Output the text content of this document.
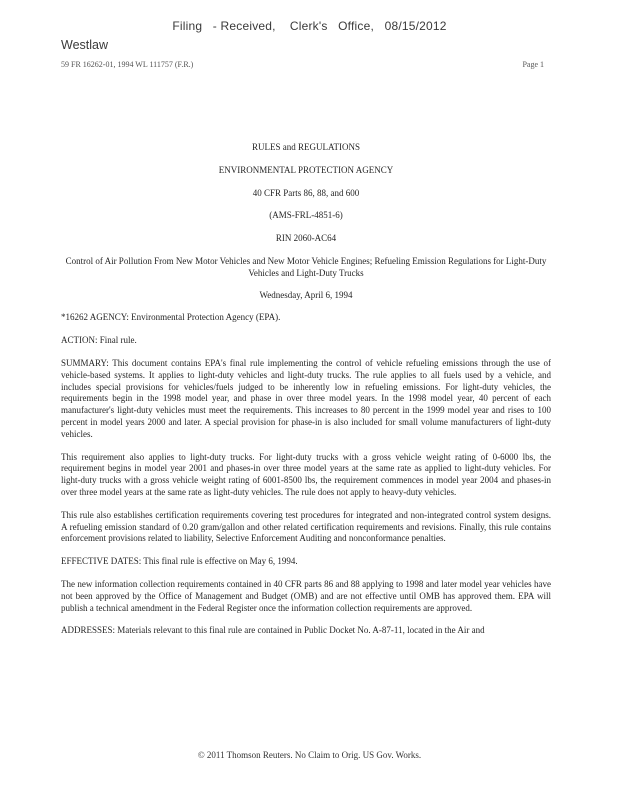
Filing   - Received,    Clerk's   Office,   08/15/2012
Westlaw
59 FR 16262-01, 1994 WL 111757 (F.R.)	Page 1
RULES and REGULATIONS
ENVIRONMENTAL PROTECTION AGENCY
40 CFR Parts 86, 88, and 600
(AMS-FRL-4851-6)
RIN 2060-AC64
Control of Air Pollution From New Motor Vehicles and New Motor Vehicle Engines; Refueling Emission Regulations for Light-Duty Vehicles and Light-Duty Trucks
Wednesday, April 6, 1994

*16262 AGENCY: Environmental Protection Agency (EPA).

ACTION: Final rule.

SUMMARY: This document contains EPA's final rule implementing the control of vehicle refueling emissions through the use of vehicle-based systems. It applies to light-duty vehicles and light-duty trucks. The rule applies to all fuels used by a vehicle, and includes special provisions for vehicles/fuels judged to be inherently low in refueling emissions. For light-duty vehicles, the requirements begin in the 1998 model year, and phase in over three model years. In the 1998 model year, 40 percent of each manufacturer's light-duty vehicles must meet the requirements. This increases to 80 percent in the 1999 model year and rises to 100 percent in model years 2000 and later. A special provision for phase-in is also included for small volume manufacturers of light-duty vehicles.

This requirement also applies to light-duty trucks. For light-duty trucks with a gross vehicle weight rating of 0-6000 lbs, the requirement begins in model year 2001 and phases-in over three model years at the same rate as applied to light-duty vehicles. For light-duty trucks with a gross vehicle weight rating of 6001-8500 lbs, the requirement commences in model year 2004 and phases-in over three model years at the same rate as light-duty vehicles. The rule does not apply to heavy-duty vehicles.

This rule also establishes certification requirements covering test procedures for integrated and non-integrated control system designs. A refueling emission standard of 0.20 gram/gallon and other related certification requirements and revisions. Finally, this rule contains enforcement provisions related to liability, Selective Enforcement Auditing and nonconformance penalties.

EFFECTIVE DATES: This final rule is effective on May 6, 1994.

The new information collection requirements contained in 40 CFR parts 86 and 88 applying to 1998 and later model year vehicles have not been approved by the Office of Management and Budget (OMB) and are not effective until OMB has approved them. EPA will publish a technical amendment in the Federal Register once the information collection requirements are approved.

ADDRESSES: Materials relevant to this final rule are contained in Public Docket No. A-87-11, located in the Air and

© 2011 Thomson Reuters. No Claim to Orig. US Gov. Works.
